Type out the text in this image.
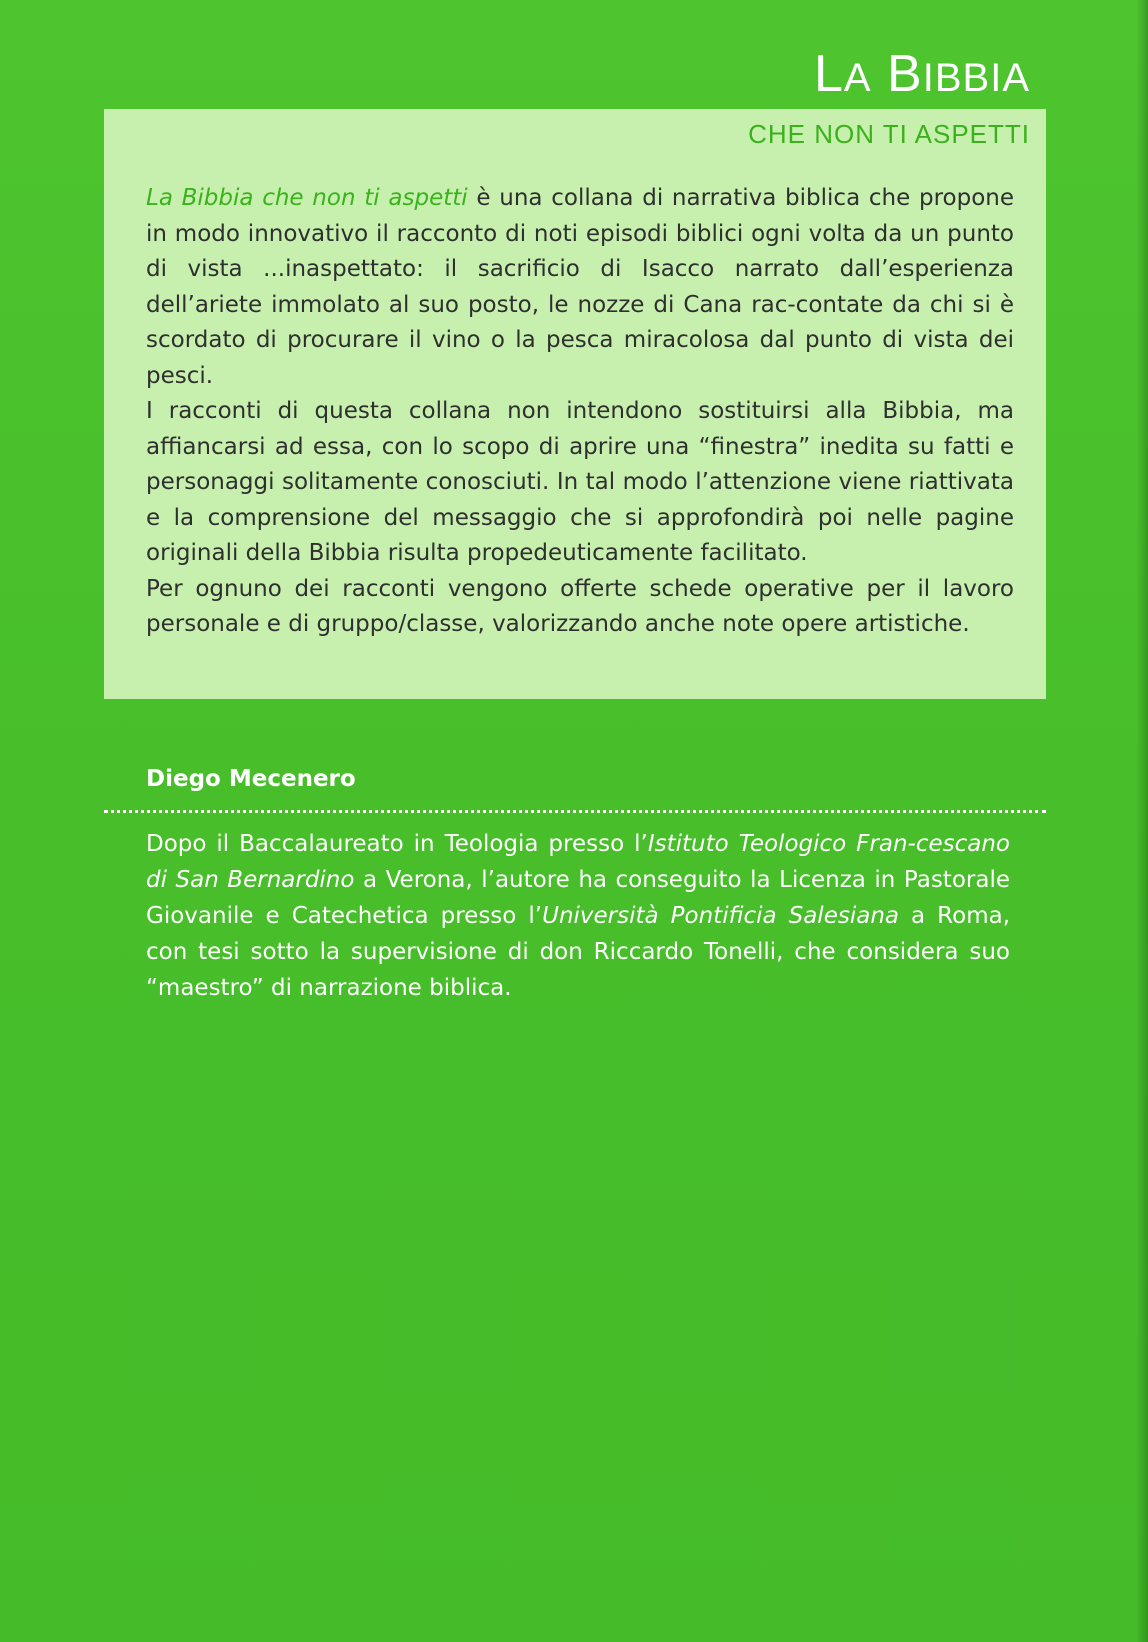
LA BIBBIA
CHE NON TI ASPETTI

La Bibbia che non ti aspetti è una collana di narrativa biblica che propone in modo innovativo il racconto di noti episodi biblici ogni volta da un punto di vista ...inaspettato: il sacrificio di Isacco narrato dall’esperienza dell’ariete immolato al suo posto, le nozze di Cana rac-contate da chi si è scordato di procurare il vino o la pesca miracolosa dal punto di vista dei pesci.

I racconti di questa collana non intendono sostituirsi alla Bibbia, ma affiancarsi ad essa, con lo scopo di aprire una “finestra” inedita su fatti e personaggi solitamente conosciuti. In tal modo l’attenzione viene riattivata e la comprensione del messaggio che si approfondirà poi nelle pagine originali della Bibbia risulta propedeuticamente facilitato.

Per ognuno dei racconti vengono offerte schede operative per il lavoro personale e di gruppo/classe, valorizzando anche note opere artistiche.

Diego Mecenero

Dopo il Baccalaureato in Teologia presso l’Istituto Teologico Fran-cescano di San Bernardino a Verona, l’autore ha conseguito la Licenza in Pastorale Giovanile e Catechetica presso l’Università Pontificia Salesiana a Roma, con tesi sotto la supervisione di don Riccardo Tonelli, che considera suo “maestro” di narrazione biblica.
